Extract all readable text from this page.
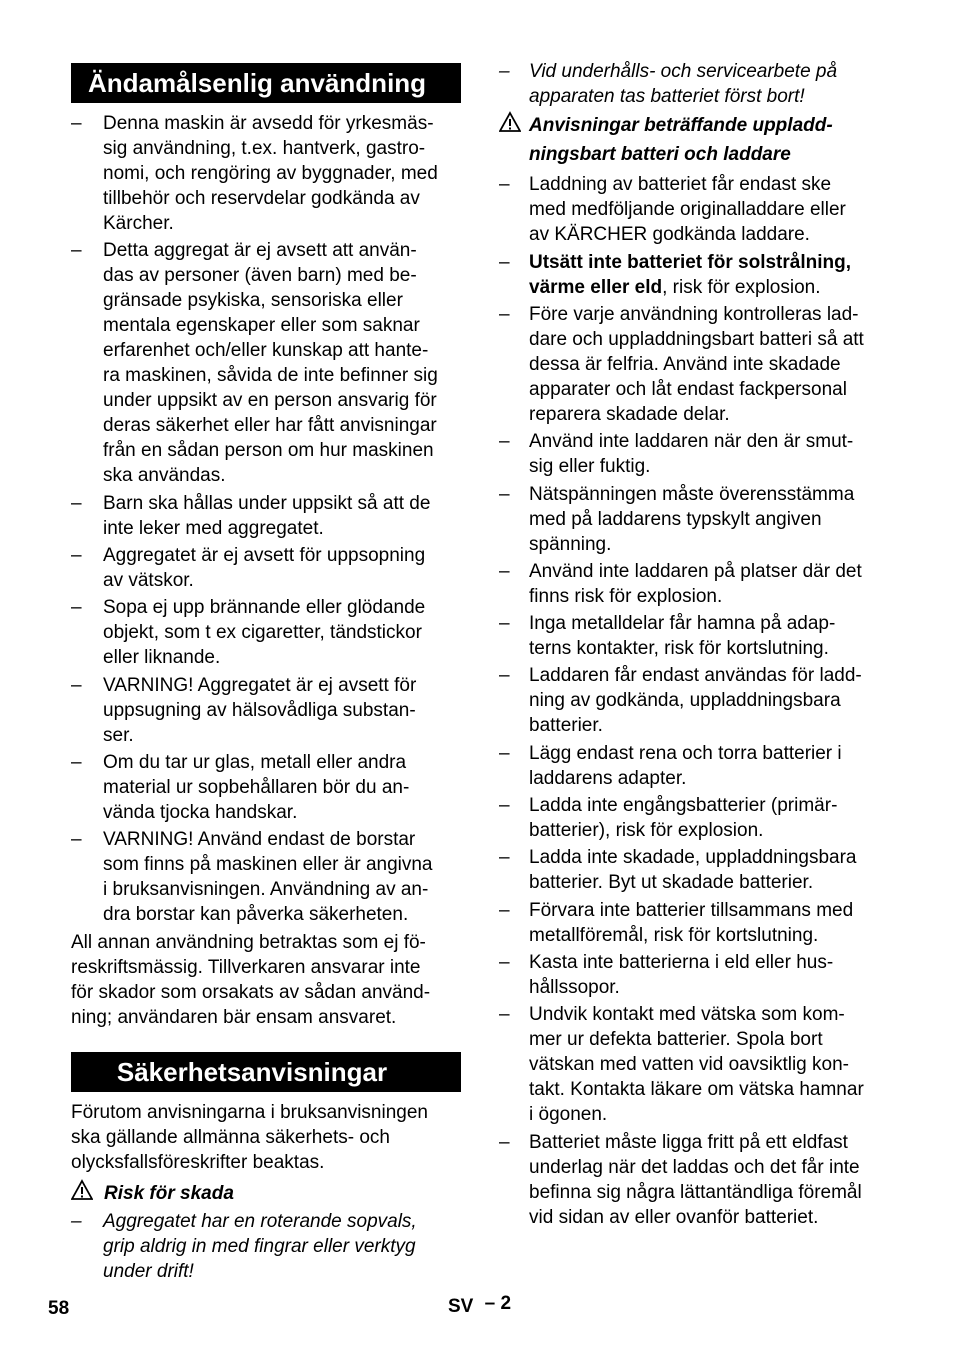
Ändamålsenlig användning
– Denna maskin är avsedd för yrkesmäs-
sig användning, t.ex. hantverk, gastro-
nomi, och rengöring av byggnader, med
tillbehör och reservdelar godkända av
Kärcher.
– Detta aggregat är ej avsett att använ-
das av personer (även barn) med be-
gränsade psykiska, sensoriska eller
mentala egenskaper eller som saknar
erfarenhet och/eller kunskap att hante-
ra maskinen, såvida de inte befinner sig
under uppsikt av en person ansvarig för
deras säkerhet eller har fått anvisningar
från en sådan person om hur maskinen
ska användas.
– Barn ska hållas under uppsikt så att de
inte leker med aggregatet.
– Aggregatet är ej avsett för uppsopning
av vätskor.
– Sopa ej upp brännande eller glödande
objekt, som t ex cigaretter, tändstickor
eller liknande.
– VARNING! Aggregatet är ej avsett för
uppsugning av hälsovådliga substan-
ser.
– Om du tar ur glas, metall eller andra
material ur sopbehållaren bör du an-
vända tjocka handskar.
– VARNING! Använd endast de borstar
som finns på maskinen eller är angivna
i bruksanvisningen. Användning av an-
dra borstar kan påverka säkerheten.
All annan användning betraktas som ej fö-
reskriftsmässig. Tillverkaren ansvarar inte
för skador som orsakats av sådan använd-
ning; användaren bär ensam ansvaret.
Säkerhetsanvisningar
Förutom anvisningarna i bruksanvisningen
ska gällande allmänna säkerhets- och
olycksfallsföreskrifter beaktas.
Risk för skada
– Aggregatet har en roterande sopvals,
grip aldrig in med fingrar eller verktyg
under drift!
– Vid underhålls- och servicearbete på
apparaten tas batteriet först bort!
Anvisningar beträffande uppladd-
ningsbart batteri och laddare
– Laddning av batteriet får endast ske
med medföljande originalladdare eller
av KÄRCHER godkända laddare.
– Utsätt inte batteriet för solstrålning,
värme eller eld, risk för explosion.
– Före varje användning kontrolleras lad-
dare och uppladdningsbart batteri så att
dessa är felfria. Använd inte skadade
apparater och låt endast fackpersonal
reparera skadade delar.
– Använd inte laddaren när den är smut-
sig eller fuktig.
– Nätspänningen måste överensstämma
med på laddarens typskylt angiven
spänning.
– Använd inte laddaren på platser där det
finns risk för explosion.
– Inga metalldelar får hamna på adap-
terns kontakter, risk för kortslutning.
– Laddaren får endast användas för ladd-
ning av godkända, uppladdningsbara
batterier.
– Lägg endast rena och torra batterier i
laddarens adapter.
– Ladda inte engångsbatterier (primär-
batterier), risk för explosion.
– Ladda inte skadade, uppladdningsbara
batterier. Byt ut skadade batterier.
– Förvara inte batterier tillsammans med
metallföremål, risk för kortslutning.
– Kasta inte batterierna i eld eller hus-
hållssopor.
– Undvik kontakt med vätska som kom-
mer ur defekta batterier. Spola bort
vätskan med vatten vid oavsiktlig kon-
takt. Kontakta läkare om vätska hamnar
i ögonen.
– Batteriet måste ligga fritt på ett eldfast
underlag när det laddas och det får inte
befinna sig några lättantändliga föremål
vid sidan av eller ovanför batteriet.
58	SV – 2
